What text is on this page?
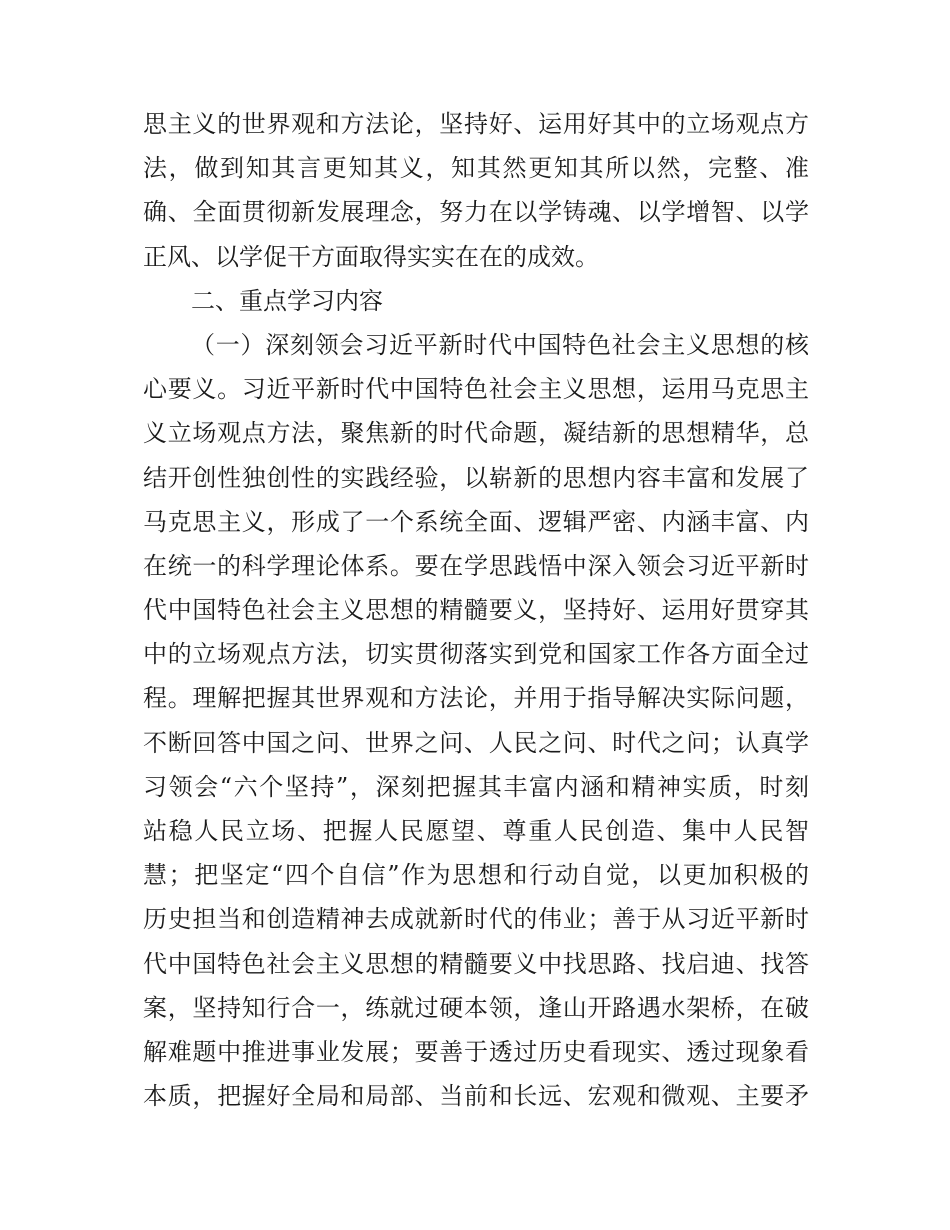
思主义的世界观和方法论，坚持好、运用好其中的立场观点方
法，做到知其言更知其义，知其然更知其所以然，完整、准
确、全面贯彻新发展理念，努力在以学铸魂、以学增智、以学
正风、以学促干方面取得实实在在的成效。
二、重点学习内容
（一）深刻领会习近平新时代中国特色社会主义思想的核
心要义。习近平新时代中国特色社会主义思想，运用马克思主
义立场观点方法，聚焦新的时代命题，凝结新的思想精华，总
结开创性独创性的实践经验，以崭新的思想内容丰富和发展了
马克思主义，形成了一个系统全面、逻辑严密、内涵丰富、内
在统一的科学理论体系。要在学思践悟中深入领会习近平新时
代中国特色社会主义思想的精髓要义，坚持好、运用好贯穿其
中的立场观点方法，切实贯彻落实到党和国家工作各方面全过
程。理解把握其世界观和方法论，并用于指导解决实际问题，
不断回答中国之问、世界之问、人民之问、时代之问；认真学
习领会“六个坚持”，深刻把握其丰富内涵和精神实质，时刻
站稳人民立场、把握人民愿望、尊重人民创造、集中人民智
慧；把坚定“四个自信”作为思想和行动自觉，以更加积极的
历史担当和创造精神去成就新时代的伟业；善于从习近平新时
代中国特色社会主义思想的精髓要义中找思路、找启迪、找答
案，坚持知行合一，练就过硬本领，逢山开路遇水架桥，在破
解难题中推进事业发展；要善于透过历史看现实、透过现象看
本质，把握好全局和局部、当前和长远、宏观和微观、主要矛
